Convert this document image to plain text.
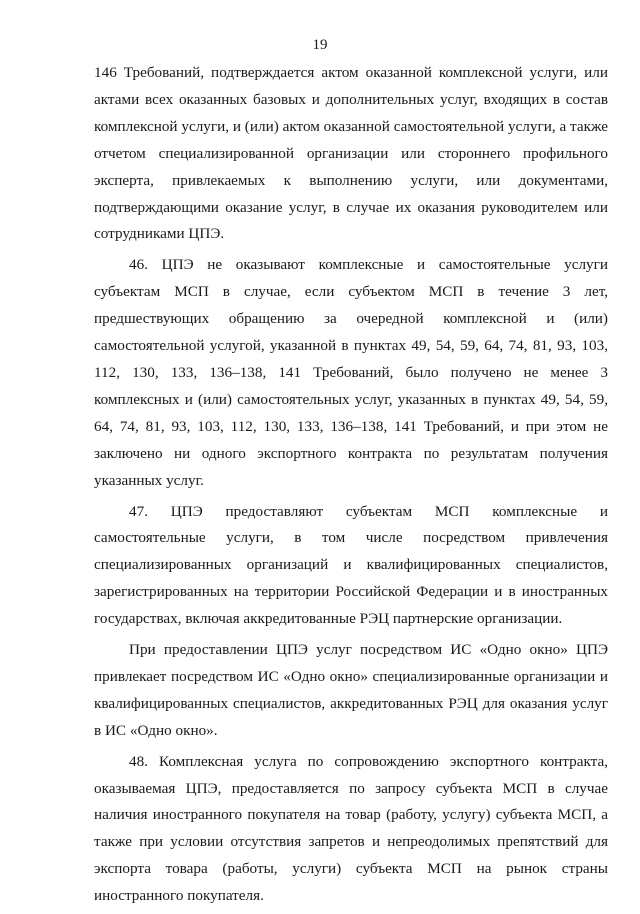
19

146 Требований, подтверждается актом оказанной комплексной услуги, или актами всех оказанных базовых и дополнительных услуг, входящих в состав комплексной услуги, и (или) актом оказанной самостоятельной услуги, а также отчетом специализированной организации или стороннего профильного эксперта, привлекаемых к выполнению услуги, или документами, подтверждающими оказание услуг, в случае их оказания руководителем или сотрудниками ЦПЭ.

46. ЦПЭ не оказывают комплексные и самостоятельные услуги субъектам МСП в случае, если субъектом МСП в течение 3 лет, предшествующих обращению за очередной комплексной и (или) самостоятельной услугой, указанной в пунктах 49, 54, 59, 64, 74, 81, 93, 103, 112, 130, 133, 136–138, 141 Требований, было получено не менее 3 комплексных и (или) самостоятельных услуг, указанных в пунктах 49, 54, 59, 64, 74, 81, 93, 103, 112, 130, 133, 136–138, 141 Требований, и при этом не заключено ни одного экспортного контракта по результатам получения указанных услуг.

47. ЦПЭ предоставляют субъектам МСП комплексные и самостоятельные услуги, в том числе посредством привлечения специализированных организаций и квалифицированных специалистов, зарегистрированных на территории Российской Федерации и в иностранных государствах, включая аккредитованные РЭЦ партнерские организации.

При предоставлении ЦПЭ услуг посредством ИС «Одно окно» ЦПЭ привлекает посредством ИС «Одно окно» специализированные организации и квалифицированных специалистов, аккредитованных РЭЦ для оказания услуг в ИС «Одно окно».

48. Комплексная услуга по сопровождению экспортного контракта, оказываемая ЦПЭ, предоставляется по запросу субъекта МСП в случае наличия иностранного покупателя на товар (работу, услугу) субъекта МСП, а также при условии отсутствия запретов и непреодолимых препятствий для экспорта товара (работы, услуги) субъекта МСП на рынок страны иностранного покупателя.
